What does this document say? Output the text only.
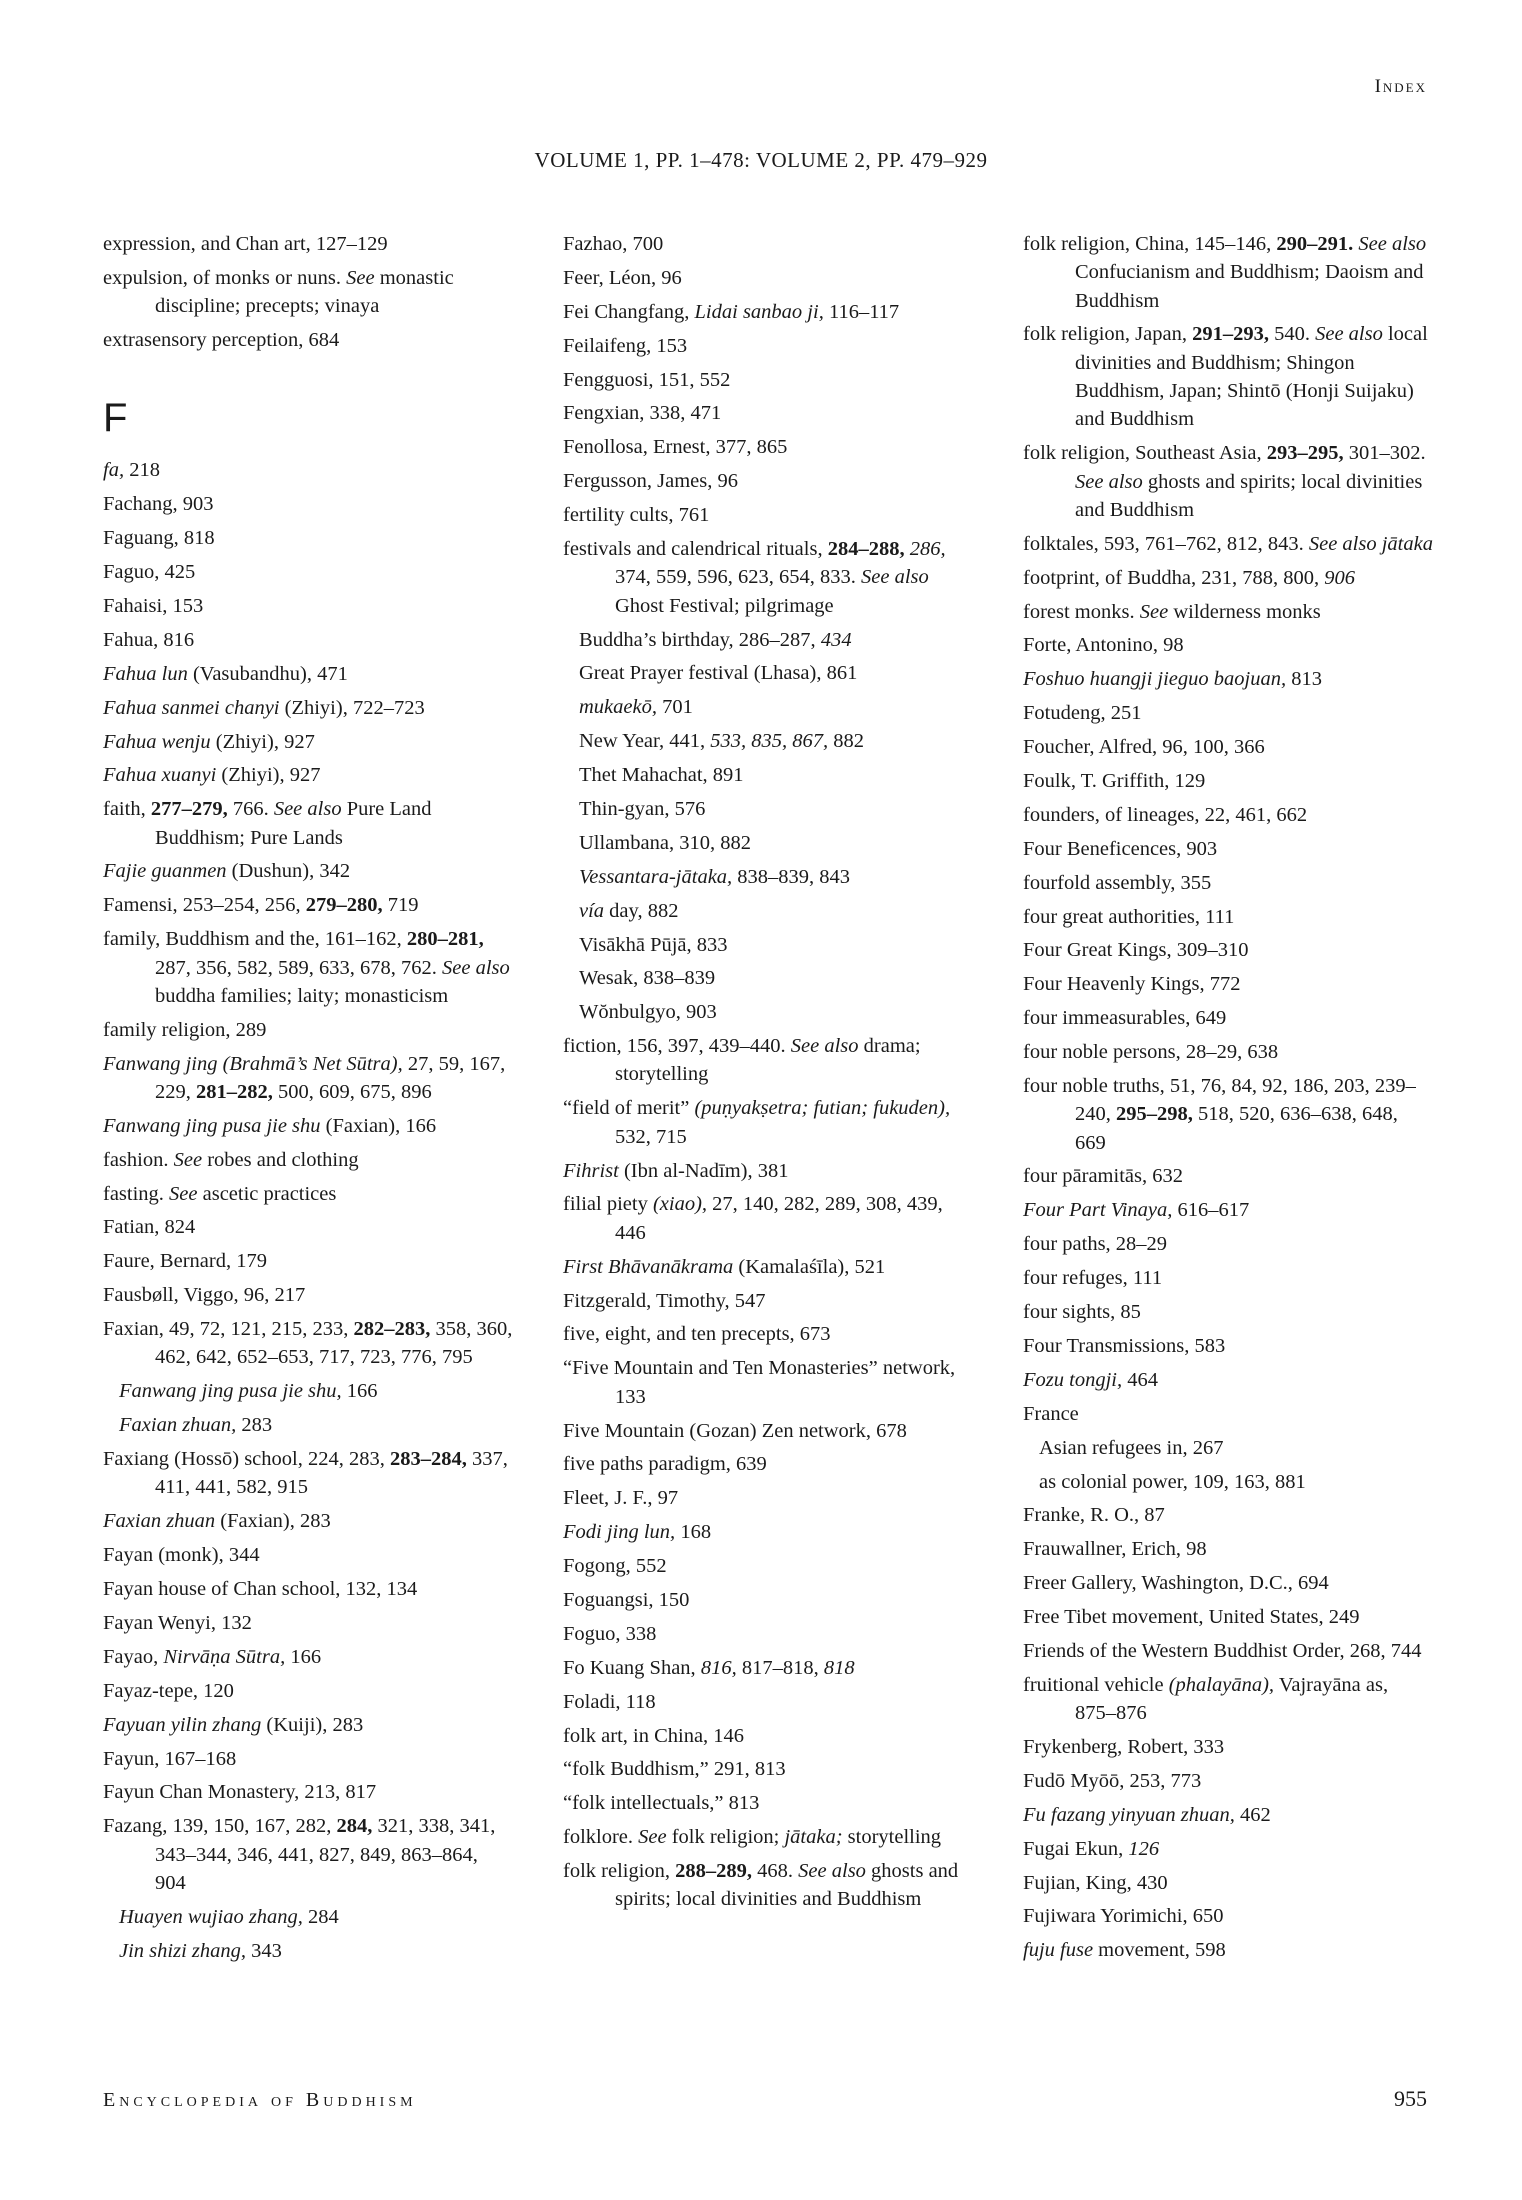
Index
VOLUME 1, PP. 1–478: VOLUME 2, PP. 479–929
expression, and Chan art, 127–129
expulsion, of monks or nuns. See monastic discipline; precepts; vinaya
extrasensory perception, 684
F
fa, 218
Fachang, 903
Faguang, 818
Faguo, 425
Fahaisi, 153
Fahua, 816
Fahua lun (Vasubandhu), 471
Fahua sanmei chanyi (Zhiyi), 722–723
Fahua wenju (Zhiyi), 927
Fahua xuanyi (Zhiyi), 927
faith, 277–279, 766. See also Pure Land Buddhism; Pure Lands
Fajie guanmen (Dushun), 342
Famensi, 253–254, 256, 279–280, 719
family, Buddhism and the, 161–162, 280–281, 287, 356, 582, 589, 633, 678, 762. See also buddha families; laity; monasticism
family religion, 289
Fanwang jing (Brahmā’s Net Sūtra), 27, 59, 167, 229, 281–282, 500, 609, 675, 896
Fanwang jing pusa jie shu (Faxian), 166
fashion. See robes and clothing
fasting. See ascetic practices
Fatian, 824
Faure, Bernard, 179
Fausbøll, Viggo, 96, 217
Faxian, 49, 72, 121, 215, 233, 282–283, 358, 360, 462, 642, 652–653, 717, 723, 776, 795
Fanwang jing pusa jie shu, 166
Faxian zhuan, 283
Faxiang (Hossō) school, 224, 283, 283–284, 337, 411, 441, 582, 915
Faxian zhuan (Faxian), 283
Fayan (monk), 344
Fayan house of Chan school, 132, 134
Fayan Wenyi, 132
Fayao, Nirvāṇa Sūtra, 166
Fayaz-tepe, 120
Fayuan yilin zhang (Kuiji), 283
Fayun, 167–168
Fayun Chan Monastery, 213, 817
Fazang, 139, 150, 167, 282, 284, 321, 338, 341, 343–344, 346, 441, 827, 849, 863–864, 904
Huayen wujiao zhang, 284
Jin shizi zhang, 343
Fazhao, 700
Feer, Léon, 96
Fei Changfang, Lidai sanbao ji, 116–117
Feilaifeng, 153
Fengguosi, 151, 552
Fengxian, 338, 471
Fenollosa, Ernest, 377, 865
Fergusson, James, 96
fertility cults, 761
festivals and calendrical rituals, 284–288, 286, 374, 559, 596, 623, 654, 833. See also Ghost Festival; pilgrimage
Buddha’s birthday, 286–287, 434
Great Prayer festival (Lhasa), 861
mukaekō, 701
New Year, 441, 533, 835, 867, 882
Thet Mahachat, 891
Thin-gyan, 576
Ullambana, 310, 882
Vessantara-jātaka, 838–839, 843
vía day, 882
Visākhā Pūjā, 833
Wesak, 838–839
Wŏnbulgyo, 903
fiction, 156, 397, 439–440. See also drama; storytelling
“field of merit” (puṇyakṣetra; futian; fukuden), 532, 715
Fihrist (Ibn al-Nadīm), 381
filial piety (xiao), 27, 140, 282, 289, 308, 439, 446
First Bhāvanākrama (Kamalaśīla), 521
Fitzgerald, Timothy, 547
five, eight, and ten precepts, 673
“Five Mountain and Ten Monasteries” network, 133
Five Mountain (Gozan) Zen network, 678
five paths paradigm, 639
Fleet, J. F., 97
Fodi jing lun, 168
Fogong, 552
Foguangsi, 150
Foguo, 338
Fo Kuang Shan, 816, 817–818, 818
Foladi, 118
folk art, in China, 146
“folk Buddhism,” 291, 813
“folk intellectuals,” 813
folklore. See folk religion; jātaka; storytelling
folk religion, 288–289, 468. See also ghosts and spirits; local divinities and Buddhism
folk religion, China, 145–146, 290–291. See also Confucianism and Buddhism; Daoism and Buddhism
folk religion, Japan, 291–293, 540. See also local divinities and Buddhism; Shingon Buddhism, Japan; Shintō (Honji Suijaku) and Buddhism
folk religion, Southeast Asia, 293–295, 301–302. See also ghosts and spirits; local divinities and Buddhism
folktales, 593, 761–762, 812, 843. See also jātaka
footprint, of Buddha, 231, 788, 800, 906
forest monks. See wilderness monks
Forte, Antonino, 98
Foshuo huangji jieguo baojuan, 813
Fotudeng, 251
Foucher, Alfred, 96, 100, 366
Foulk, T. Griffith, 129
founders, of lineages, 22, 461, 662
Four Beneficences, 903
fourfold assembly, 355
four great authorities, 111
Four Great Kings, 309–310
Four Heavenly Kings, 772
four immeasurables, 649
four noble persons, 28–29, 638
four noble truths, 51, 76, 84, 92, 186, 203, 239–240, 295–298, 518, 520, 636–638, 648, 669
four pāramitās, 632
Four Part Vinaya, 616–617
four paths, 28–29
four refuges, 111
four sights, 85
Four Transmissions, 583
Fozu tongji, 464
France
Asian refugees in, 267
as colonial power, 109, 163, 881
Franke, R. O., 87
Frauwallner, Erich, 98
Freer Gallery, Washington, D.C., 694
Free Tibet movement, United States, 249
Friends of the Western Buddhist Order, 268, 744
fruitional vehicle (phalayāna), Vajrayāna as, 875–876
Frykenberg, Robert, 333
Fudō Myōō, 253, 773
Fu fazang yinyuan zhuan, 462
Fugai Ekun, 126
Fujian, King, 430
Fujiwara Yorimichi, 650
fuju fuse movement, 598
Encyclopedia of Buddhism	955
